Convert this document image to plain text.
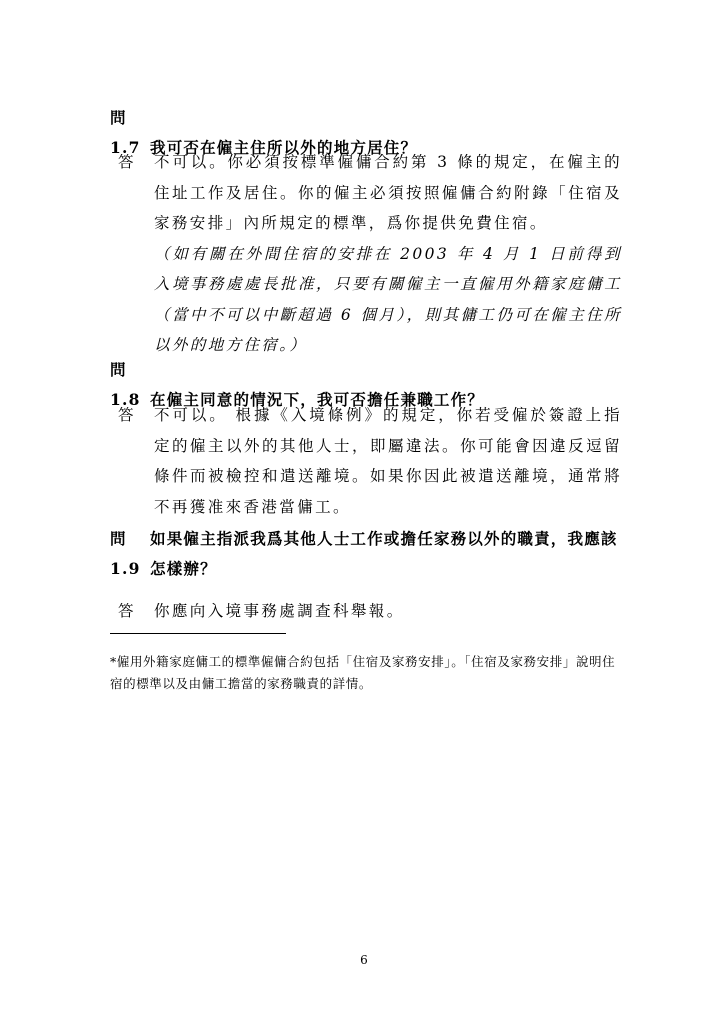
問 1.7 我可否在僱主住所以外的地方居住？
答 不可以。你必須按標準僱傭合約第 3 條的規定，在僱主的住址工作及居住。你的僱主必須按照僱傭合約附錄「住宿及家務安排」內所規定的標準，爲你提供免費住宿。
（如有關在外間住宿的安排在 2003 年 4 月 1 日前得到入境事務處處長批准，只要有關僱主一直僱用外籍家庭傭工（當中不可以中斷超過 6 個月），則其傭工仍可在僱主住所以外的地方住宿。）
問 1.8 在僱主同意的情況下，我可否擔任兼職工作？
答 不可以。 根據《入境條例》的規定，你若受僱於簽證上指定的僱主以外的其他人士，即屬違法。你可能會因違反逗留條件而被檢控和遣送離境。如果你因此被遣送離境，通常將不再獲准來香港當傭工。
問 1.9
如果僱主指派我爲其他人士工作或擔任家務以外的職責，我應該怎樣辦？
答 你應向入境事務處調查科舉報。
*僱用外籍家庭傭工的標準僱傭合約包括「住宿及家務安排」。「住宿及家務安排」說明住宿的標準以及由傭工擔當的家務職責的詳情。
6
